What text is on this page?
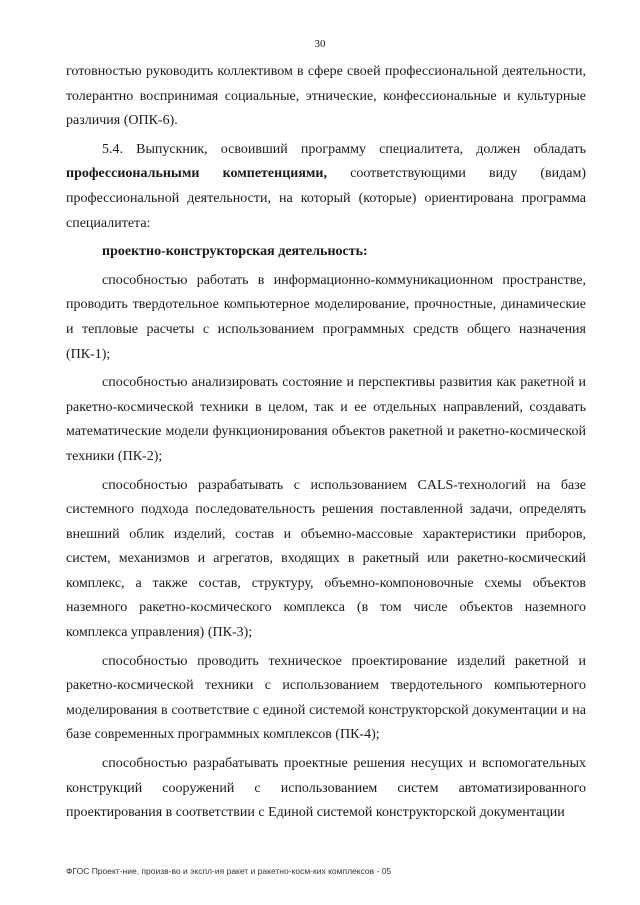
30

готовностью руководить коллективом в сфере своей профессиональной деятельности, толерантно воспринимая социальные, этнические, конфессиональные и культурные различия (ОПК-6).

5.4. Выпускник, освоивший программу специалитета, должен обладать профессиональными компетенциями, соответствующими виду (видам) профессиональной деятельности, на который (которые) ориентирована программа специалитета:

проектно-конструкторская деятельность:

способностью работать в информационно-коммуникационном пространстве, проводить твердотельное компьютерное моделирование, прочностные, динамические и тепловые расчеты с использованием программных средств общего назначения (ПК-1);

способностью анализировать состояние и перспективы развития как ракетной и ракетно-космической техники в целом, так и ее отдельных направлений, создавать математические модели функционирования объектов ракетной и ракетно-космической техники (ПК-2);

способностью разрабатывать с использованием CALS-технологий на базе системного подхода последовательность решения поставленной задачи, определять внешний облик изделий, состав и объемно-массовые характеристики приборов, систем, механизмов и агрегатов, входящих в ракетный или ракетно-космический комплекс, а также состав, структуру, объемно-компоновочные схемы объектов наземного ракетно-космического комплекса (в том числе объектов наземного комплекса управления) (ПК-3);

способностью проводить техническое проектирование изделий ракетной и ракетно-космической техники с использованием твердотельного компьютерного моделирования в соответствие с единой системой конструкторской документации и на базе современных программных комплексов (ПК-4);

способностью разрабатывать проектные решения несущих и вспомогательных конструкций сооружений с использованием систем автоматизированного проектирования в соответствии с Единой системой конструкторской документации

ФГОС Проект-ние, произв-во и экспл-ия ракет и ракетно-косм-ких комплексов - 05
